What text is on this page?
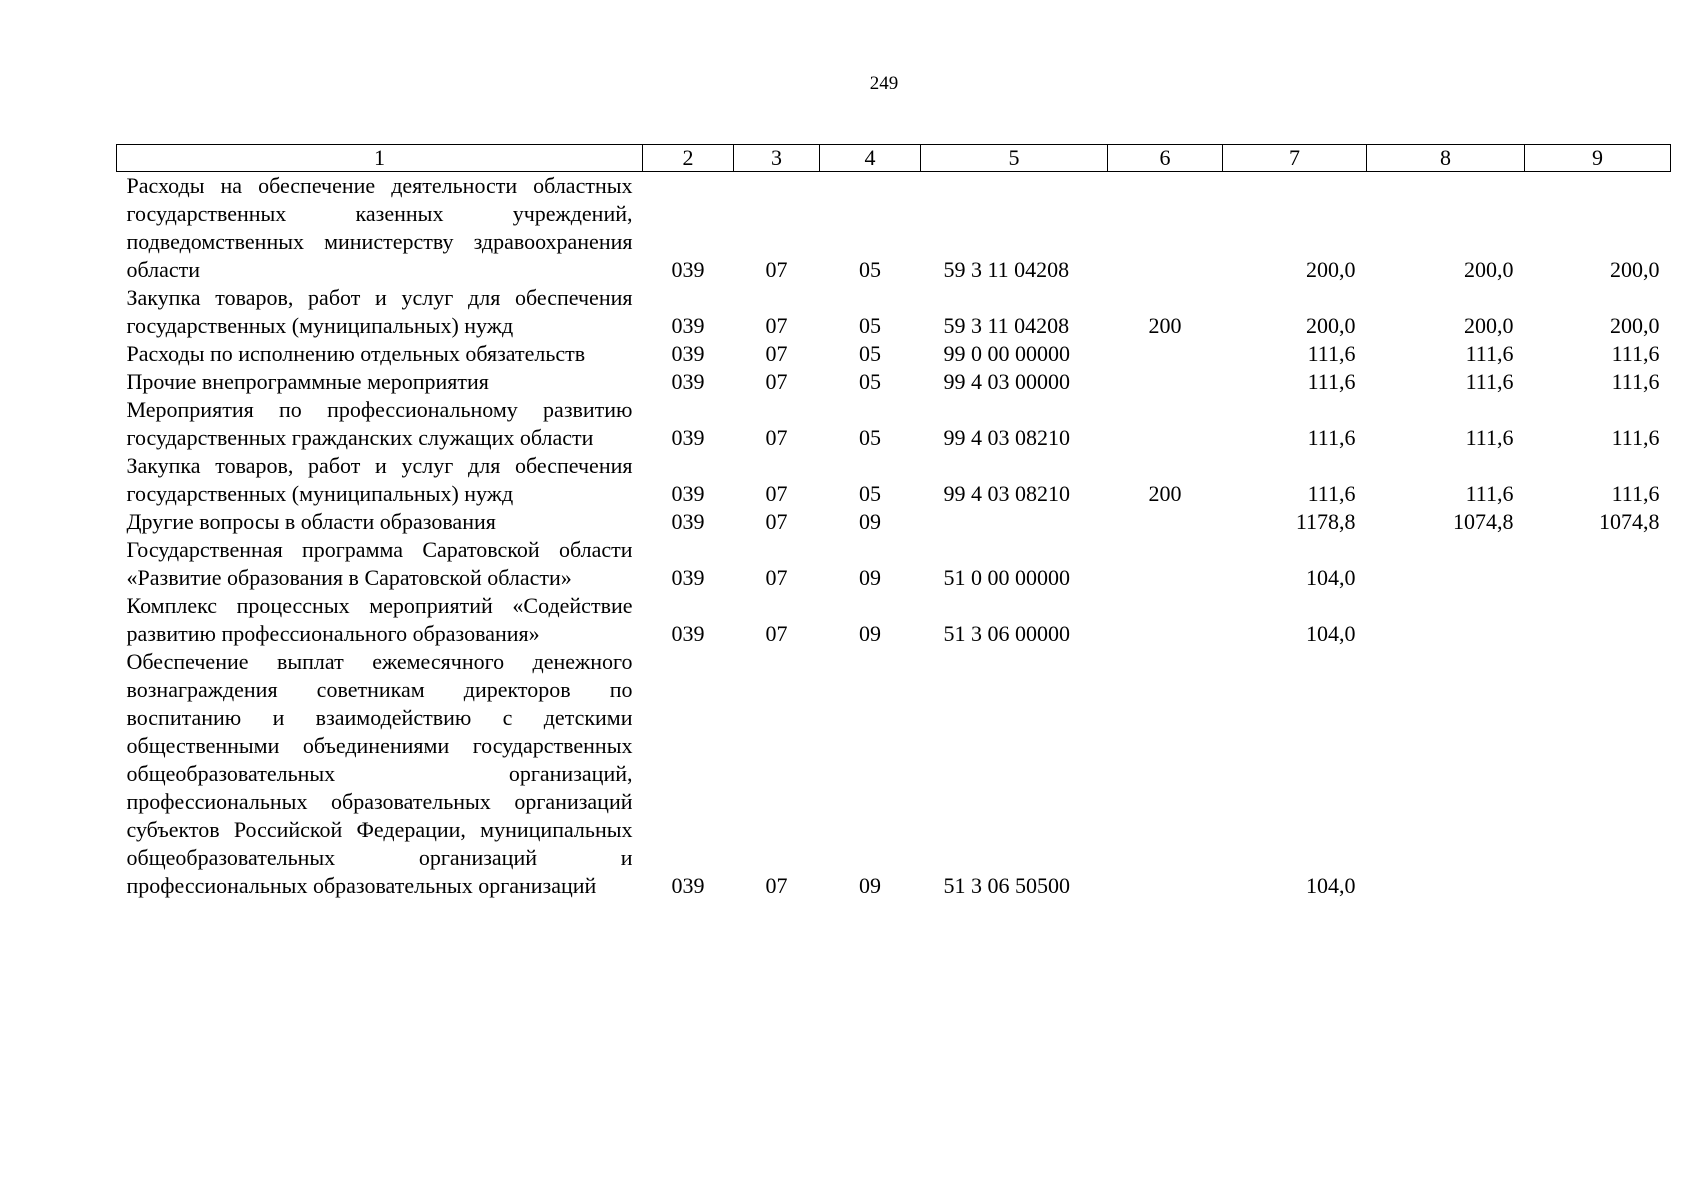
249
1	2	3	4	5	6	7	8	9
Расходы на обеспечение деятельности областных государственных казенных учреждений, подведомственных министерству здравоохранения области	039	07	05	59 3 11 04208		200,0	200,0	200,0
Закупка товаров, работ и услуг для обеспечения государственных (муниципальных) нужд	039	07	05	59 3 11 04208	200	200,0	200,0	200,0
Расходы по исполнению отдельных обязательств	039	07	05	99 0 00 00000		111,6	111,6	111,6
Прочие внепрограммные мероприятия	039	07	05	99 4 03 00000		111,6	111,6	111,6
Мероприятия по профессиональному развитию государственных гражданских служащих области	039	07	05	99 4 03 08210		111,6	111,6	111,6
Закупка товаров, работ и услуг для обеспечения государственных (муниципальных) нужд	039	07	05	99 4 03 08210	200	111,6	111,6	111,6
Другие вопросы в области образования	039	07	09			1178,8	1074,8	1074,8
Государственная программа Саратовской области «Развитие образования в Саратовской области»	039	07	09	51 0 00 00000		104,0		
Комплекс процессных мероприятий «Содействие развитию профессионального образования»	039	07	09	51 3 06 00000		104,0		
Обеспечение выплат ежемесячного денежного вознаграждения советникам директоров по воспитанию и взаимодействию с детскими общественными объединениями государственных общеобразовательных организаций, профессиональных образовательных организаций субъектов Российской Федерации, муниципальных общеобразовательных организаций и профессиональных образовательных организаций	039	07	09	51 3 06 50500		104,0		
